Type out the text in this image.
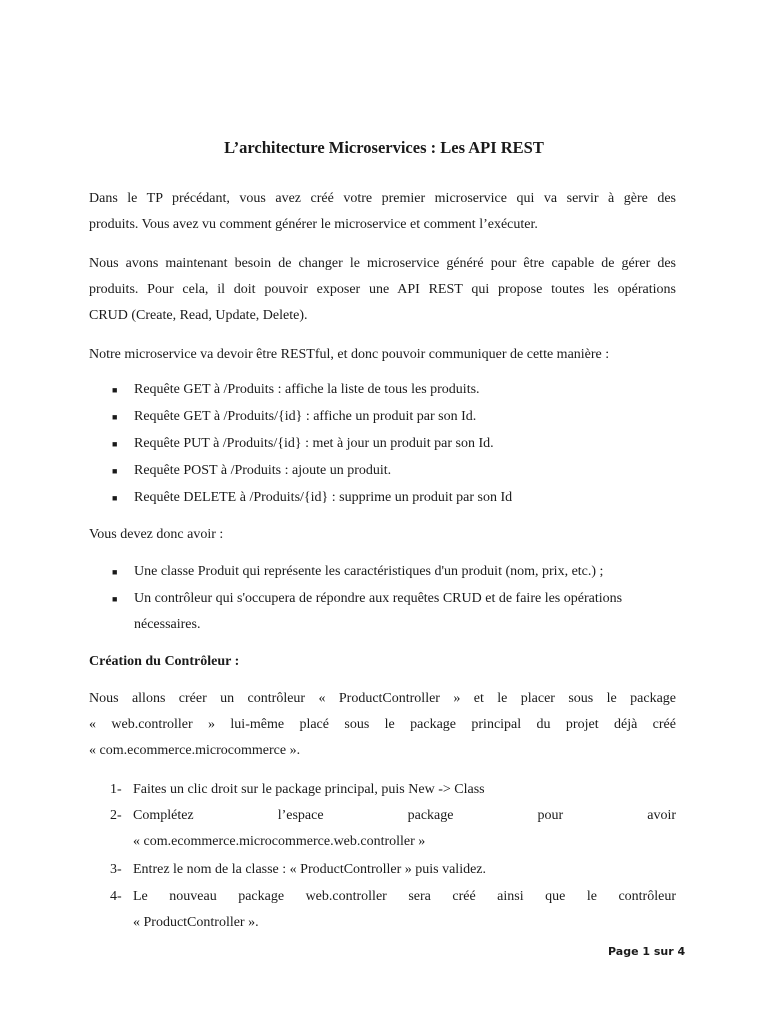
L’architecture Microservices : Les API REST

Dans le TP précédant, vous avez créé votre premier microservice qui va servir à gère des

produits. Vous avez vu comment générer le microservice et comment l’exécuter.

Nous avons maintenant besoin de changer le microservice généré pour être capable de gérer des

produits. Pour cela, il doit pouvoir exposer une API REST qui propose toutes les opérations

CRUD (Create, Read, Update, Delete).

Notre microservice va devoir être RESTful, et donc pouvoir communiquer de cette manière :

■ Requête GET à /Produits : affiche la liste de tous les produits.
■ Requête GET à /Produits/{id} : affiche un produit par son Id.
■ Requête PUT à /Produits/{id} : met à jour un produit par son Id.
■ Requête POST à /Produits : ajoute un produit.
■ Requête DELETE à /Produits/{id} : supprime un produit par son Id

Vous devez donc avoir :

■ Une classe Produit qui représente les caractéristiques d'un produit (nom, prix, etc.) ;
■ Un contrôleur qui s'occupera de répondre aux requêtes CRUD et de faire les opérations
nécessaires.

Création du Contrôleur :

Nous allons créer un contrôleur « ProductController » et le placer sous le package

« web.controller » lui-même placé sous le package principal du projet déjà créé

« com.ecommerce.microcommerce ».

1- Faites un clic droit sur le package principal, puis New -> Class

2- Complétez l’espace package pour avoir

« com.ecommerce.microcommerce.web.controller »

3- Entrez le nom de la classe : « ProductController » puis validez.

4- Le nouveau package web.controller sera créé ainsi que le contrôleur

« ProductController ».

Page 1 sur 4
